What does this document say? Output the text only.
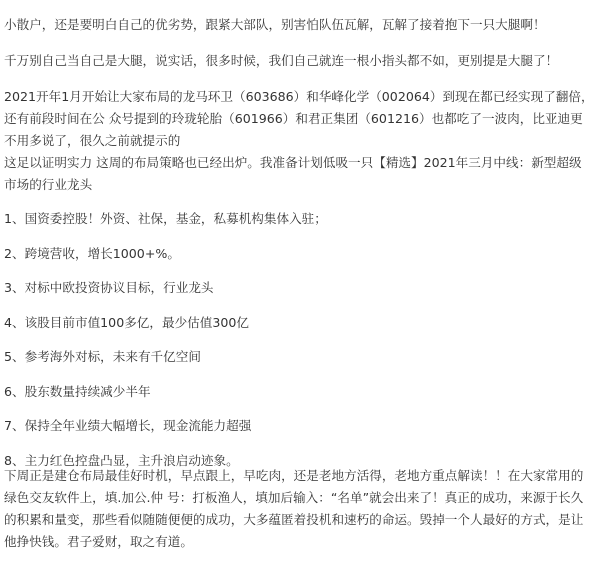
小散户，还是要明白自己的优劣势，跟紧大部队，别害怕队伍瓦解，瓦解了接着抱下一只大腿啊！

千万别自己当自己是大腿，说实话，很多时候，我们自己就连一根小指头都不如，更别提是大腿了！

2021开年1月开始让大家布局的龙马环卫（603686）和华峰化学（002064）到现在都已经实现了翻倍，还有前段时间在公 众号提到的玲珑轮胎（601966）和君正集团（601216）也都吃了一波肉，比亚迪更不用多说了，很久之前就提示的

这足以证明实力 这周的布局策略也已经出炉。我准备计划低吸一只【精选】2021年三月中线：新型超级市场的行业龙头

1、国资委控股！外资、社保，基金，私募机构集体入驻；

2、跨境营收，增长1000+%。

3、对标中欧投资协议目标，行业龙头

4、该股目前市值100多亿，最少估值300亿

5、参考海外对标，未来有千亿空间

6、股东数量持续减少半年

7、保持全年业绩大幅增长，现金流能力超强

8、主力红色控盘凸显，主升浪启动迹象。

下周正是建仓布局最佳好时机，早点跟上，早吃肉，还是老地方活得，老地方重点解读！！在大家常用的绿色交友软件上，填.加公.仲 号：打板渔人，填加后输入：“名单”就会出来了！真正的成功，来源于长久的积累和量变，那些看似随随便便的成功，大多蕴匿着投机和速朽的命运。毁掉一个人最好的方式，是让他挣快钱。君子爱财，取之有道。
